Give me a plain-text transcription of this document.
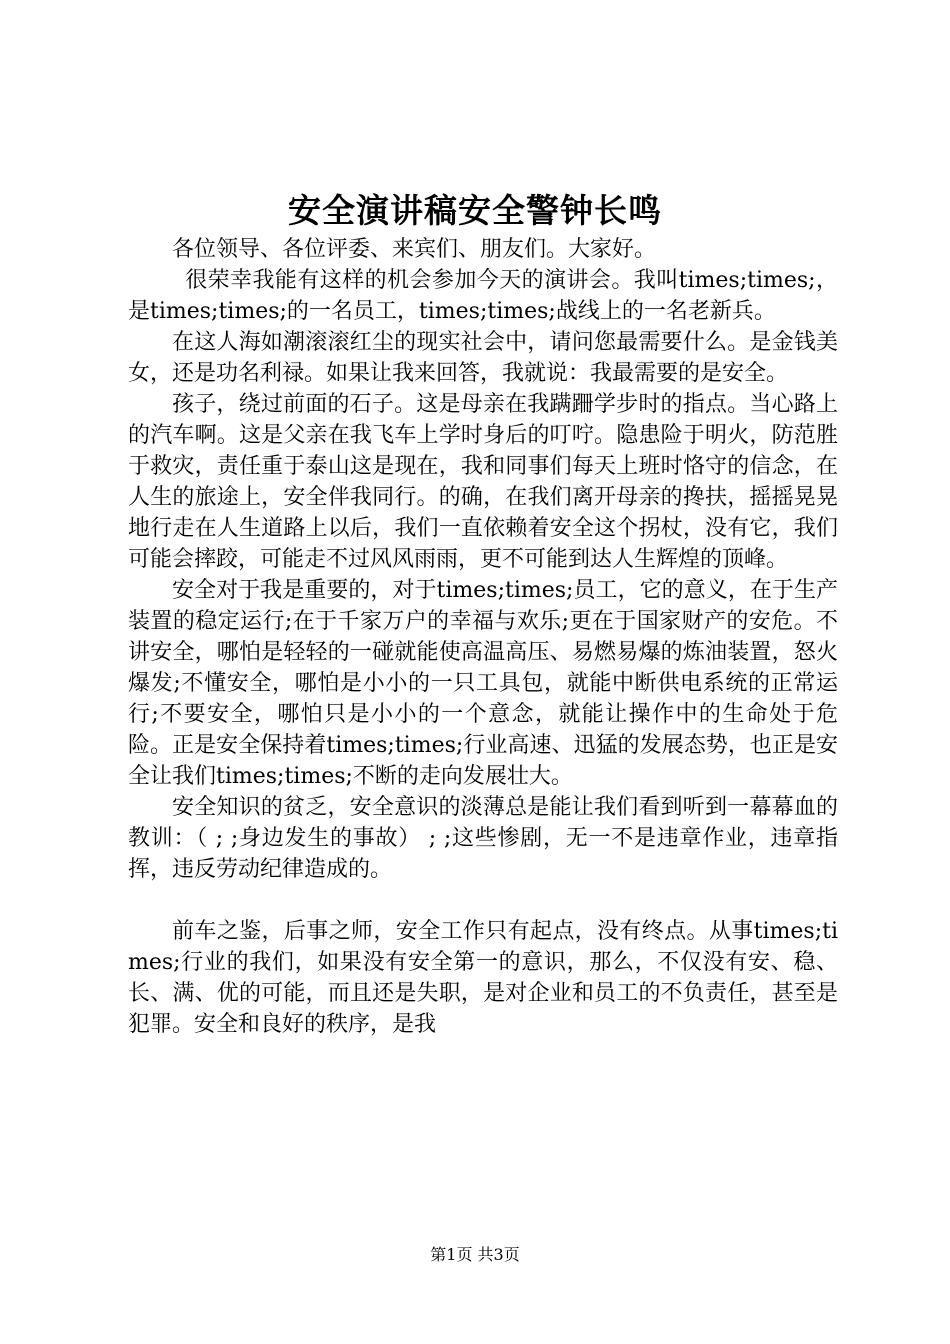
安全演讲稿安全警钟长鸣

各位领导、各位评委、来宾们、朋友们。大家好。

很荣幸我能有这样的机会参加今天的演讲会。我叫times;times;，是times;times;的一名员工，times;times;战线上的一名老新兵。

在这人海如潮滚滚红尘的现实社会中，请问您最需要什么。是金钱美女，还是功名利禄。如果让我来回答，我就说：我最需要的是安全。

孩子，绕过前面的石子。这是母亲在我蹒跚学步时的指点。当心路上的汽车啊。这是父亲在我飞车上学时身后的叮咛。隐患险于明火，防范胜于救灾，责任重于泰山这是现在，我和同事们每天上班时恪守的信念，在人生的旅途上，安全伴我同行。的确，在我们离开母亲的搀扶，摇摇晃晃地行走在人生道路上以后，我们一直依赖着安全这个拐杖，没有它，我们可能会摔跤，可能走不过风风雨雨，更不可能到达人生辉煌的顶峰。

安全对于我是重要的，对于times;times;员工，它的意义，在于生产装置的稳定运行;在于千家万户的幸福与欢乐;更在于国家财产的安危。不讲安全，哪怕是轻轻的一碰就能使高温高压、易燃易爆的炼油装置，怒火爆发;不懂安全，哪怕是小小的一只工具包，就能中断供电系统的正常运行;不要安全，哪怕只是小小的一个意念，就能让操作中的生命处于危险。正是安全保持着times;times;行业高速、迅猛的发展态势，也正是安全让我们times;times;不断的走向发展壮大。

安全知识的贫乏，安全意识的淡薄总是能让我们看到听到一幕幕血的教训：（ ; ;身边发生的事故） ; ;这些惨剧，无一不是违章作业，违章指挥，违反劳动纪律造成的。

前车之鉴，后事之师，安全工作只有起点，没有终点。从事times;times;行业的我们，如果没有安全第一的意识，那么，不仅没有安、稳、长、满、优的可能，而且还是失职，是对企业和员工的不负责任，甚至是犯罪。安全和良好的秩序，是我

第1页 共3页
